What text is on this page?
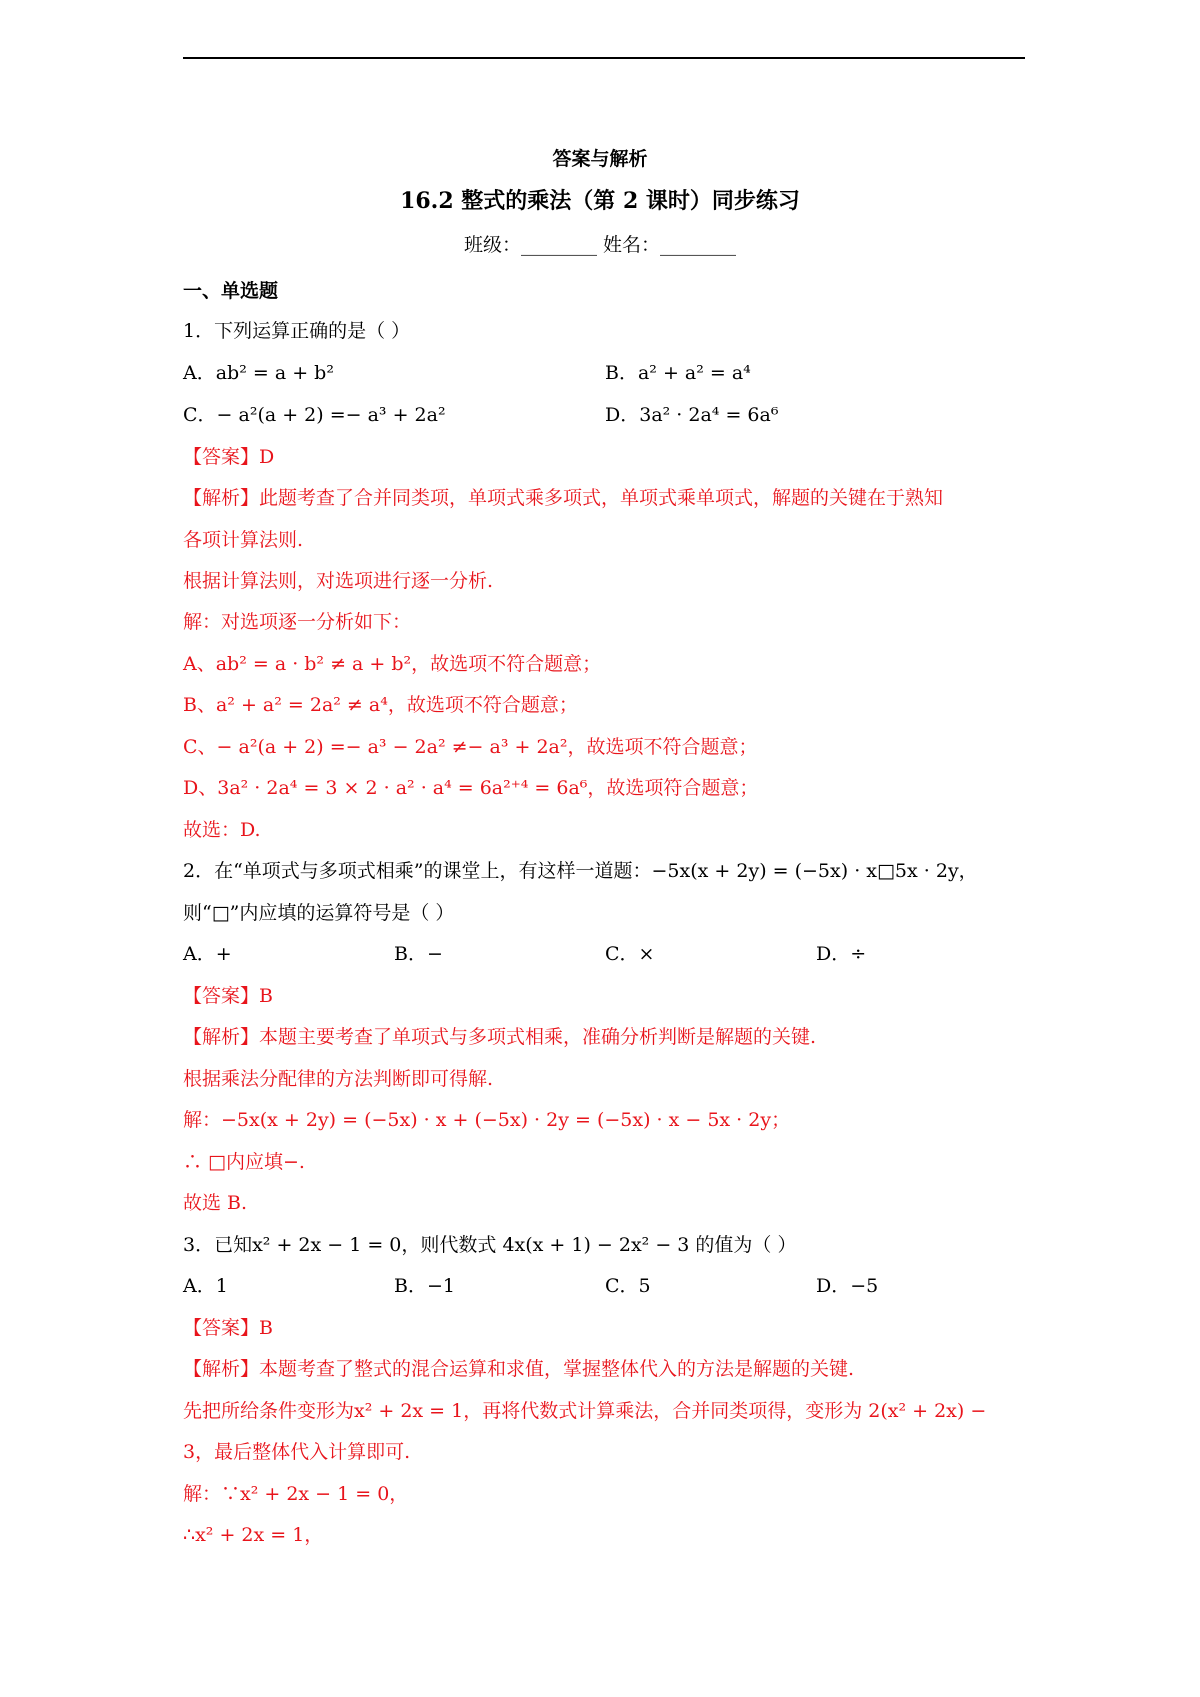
答案与解析
16.2 整式的乘法（第 2 课时）同步练习
班级：________ 姓名：________
一、单选题
1．下列运算正确的是（ ）
A．ab² = a + b²	B．a² + a² = a⁴
C．− a²(a + 2) =− a³ + 2a²	D．3a² · 2a⁴ = 6a⁶
【答案】D
【解析】此题考查了合并同类项，单项式乘多项式，单项式乘单项式，解题的关键在于熟知
各项计算法则.
根据计算法则，对选项进行逐一分析.
解：对选项逐一分析如下：
A、ab² = a · b² ≠ a + b²，故选项不符合题意；
B、a² + a² = 2a² ≠ a⁴，故选项不符合题意；
C、− a²(a + 2) =− a³ − 2a² ≠− a³ + 2a²，故选项不符合题意；
D、3a² · 2a⁴ = 3 × 2 · a² · a⁴ = 6a²⁺⁴ = 6a⁶，故选项符合题意；
故选：D.
2．在“单项式与多项式相乘”的课堂上，有这样一道题：−5x(x + 2y) = (−5x) · x□5x · 2y，
则“□”内应填的运算符号是（ ）
A．+	B．−	C．×	D．÷
【答案】B
【解析】本题主要考查了单项式与多项式相乘，准确分析判断是解题的关键.
根据乘法分配律的方法判断即可得解.
解：−5x(x + 2y) = (−5x) · x + (−5x) · 2y = (−5x) · x − 5x · 2y；
∴ □内应填−.
故选 B.
3．已知x² + 2x − 1 = 0，则代数式 4x(x + 1) − 2x² − 3 的值为（ ）
A．1	B．−1	C．5	D．−5
【答案】B
【解析】本题考查了整式的混合运算和求值，掌握整体代入的方法是解题的关键.
先把所给条件变形为x² + 2x = 1，再将代数式计算乘法，合并同类项得，变形为 2(x² + 2x) −
3，最后整体代入计算即可.
解：∵x² + 2x − 1 = 0，
∴x² + 2x = 1，
